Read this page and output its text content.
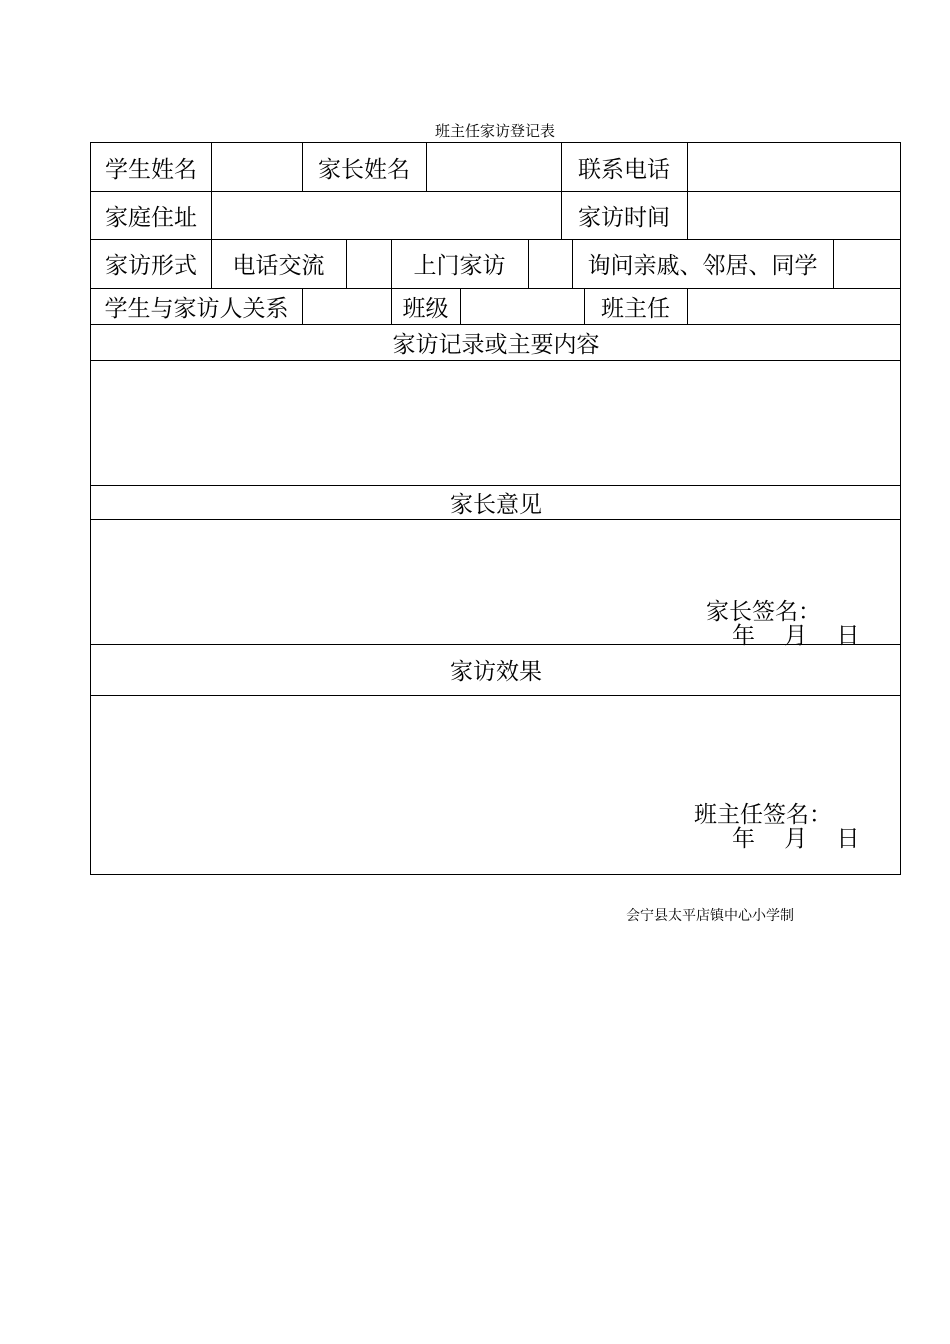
班主任家访登记表
学生姓名	家长姓名	联系电话
家庭住址	家访时间
家访形式	电话交流	上门家访	询问亲戚、邻居、同学
学生与家访人关系	班级	班主任
家访记录或主要内容
家长意见
家长签名：
年    月    日
家访效果
班主任签名：
年    月    日
会宁县太平店镇中心小学制
